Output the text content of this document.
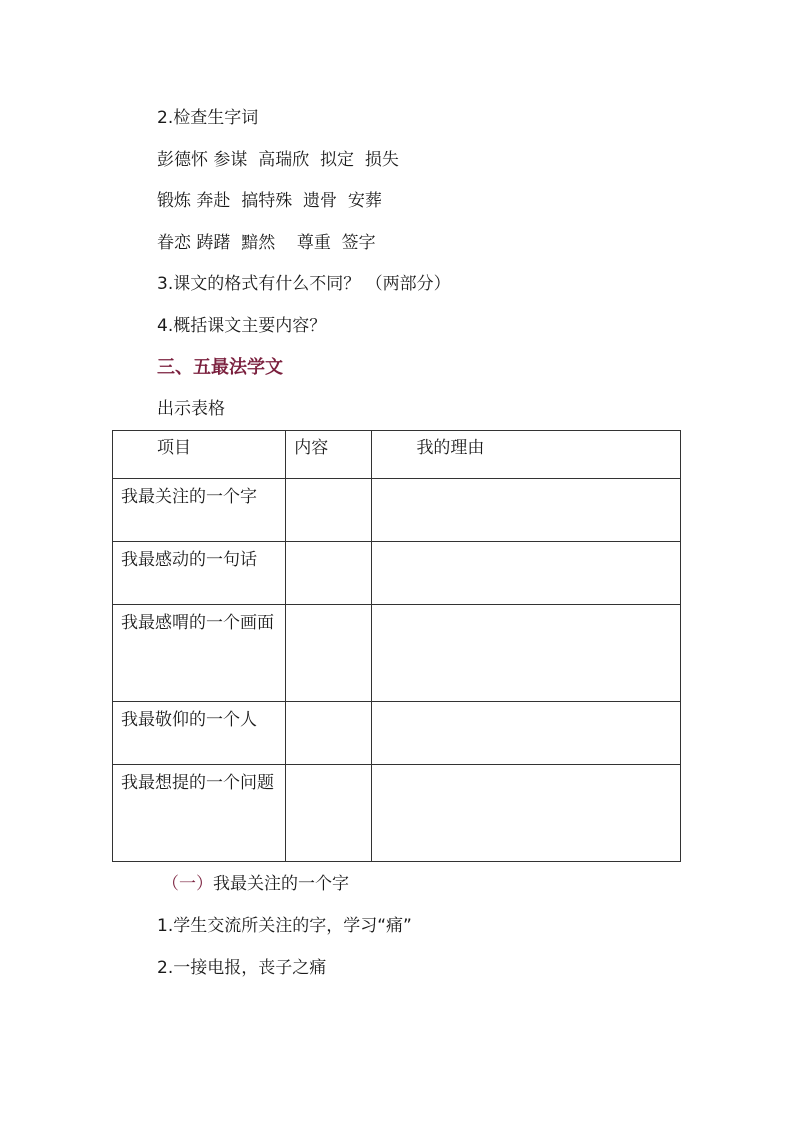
2.检查生字词
彭德怀 参谋  高瑞欣  拟定  损失
锻炼 奔赴  搞特殊  遗骨  安葬
眷恋 踌躇  黯然    尊重  签字
3.课文的格式有什么不同？ （两部分）
4.概括课文主要内容？
三、五最法学文
出示表格
项目	内容	我的理由

我最关注的一个字		

我最感动的一句话		

我最感喟的一个画面		

我最敬仰的一个人		

我最想提的一个问题		

（一）我最关注的一个字
1.学生交流所关注的字，学习“痛”
2.一接电报，丧子之痛
